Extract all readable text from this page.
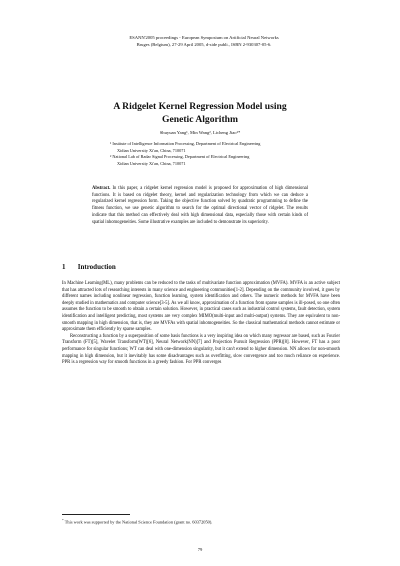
ESANN'2005 proceedings - European Symposium on Artificial Neural Networks
Bruges (Belgium), 27-29 April 2005, d-side publi., ISBN 2-930307-05-6.
A Ridgelet Kernel Regression Model using
Genetic Algorithm
Shuyuan Yang¹, Min Wang², Licheng Jiao¹*
¹ Institute of Intelligence Information Processing, Department of Electrical Engineering
Xidian University Xi'an, China, 710071
² National Lab of Radar Signal Processing, Department of Electrical Engineering
Xidian University Xi'an, China, 710071
Abstract. In this paper, a ridgelet kernel regression model is proposed for approximation of high dimensional functions. It is based on ridgelet theory, kernel and regularization technology from which we can deduce a regularized kernel regression form. Taking the objective function solved by quadratic programming to define the fitness function, we use genetic algorithm to search for the optimal directional vector of ridgelet. The results indicate that this method can effectively deal with high dimensional data, especially those with certain kinds of spatial inhomogeneities. Some illustrative examples are included to demonstrate its superiority.
1 Introduction

In Machine Learning(ML), many problems can be reduced to the tasks of multivariate function approximation (MVFA). MVFA is an active subject that has attracted lots of researching interests in many science and engineering communities[1-2]. Depending on the community involved, it goes by different names including nonlinear regression, function learning, system identification and others. The numeric methods for MVFA have been deeply studied in mathematics and computer science[3-5]. As we all know, approximation of a function from sparse samples is ill-posed, so one often assumes the function to be smooth to obtain a certain solution. However, in practical cases such as industrial control systems, fault detection, system identification and intelligent predicting, most systems are very complex MIMO(multi-input and multi-output) systems. They are equivalent to non-smooth mapping in high dimension, that is, they are MVFAs with spatial inhomogeneities. So the classical mathematical methods cannot estimate or approximate them efficiently by sparse samples.

Reconstructing a function by a superposition of some basis functions is a very inspiring idea on which many regressor are based, such as Fourier Transform (FT)[5], Wavelet Transform(WT)[6], Neural Network(NN)[7] and Projection Pursuit Regression (PPR)[8]. However, FT has a poor performance for singular functions; WT can deal with one-dimension singularity, but it can't extend to higher dimension. NN allows for non-smooth mapping in high dimension, but it inevitably has some disadvantages such as overfitting, slow convergence and too much reliance on experience. PPR is a regression way for smooth functions in a greedy fashion. For PPR converges

* This work was supported by the National Science Foundation (grant no. 60372050).
79
